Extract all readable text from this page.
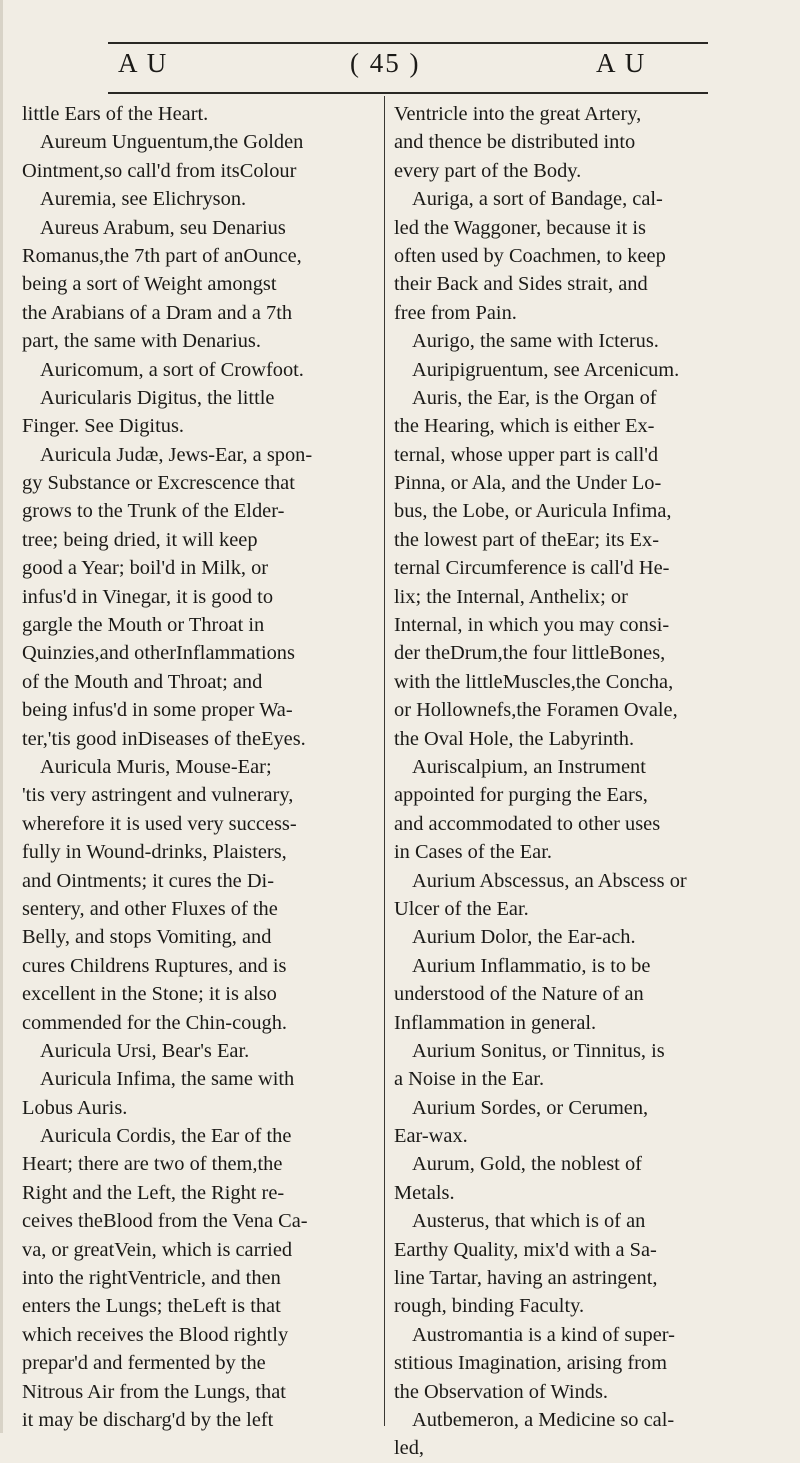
A U	( 45 )	A U
little Ears of the Heart.
Aureum Unguentum,the Golden
Ointment,so call'd from itsColour
Auremia, see Elichryson.
Aureus Arabum, seu Denarius
Romanus,the 7th part of anOunce,
being a sort of Weight amongst
the Arabians of a Dram and a 7th
part, the same with Denarius.
Auricomum, a sort of Crowfoot.
Auricularis Digitus, the little
Finger. See Digitus.
Auricula Judæ, Jews-Ear, a spon-
gy Substance or Excrescence that
grows to the Trunk of the Elder-
tree; being dried, it will keep
good a Year; boil'd in Milk, or
infus'd in Vinegar, it is good to
gargle the Mouth or Throat in
Quinzies,and otherInflammations
of the Mouth and Throat; and
being infus'd in some proper Wa-
ter,'tis good inDiseases of theEyes.
Auricula Muris, Mouse-Ear;
'tis very astringent and vulnerary,
wherefore it is used very success-
fully in Wound-drinks, Plaisters,
and Ointments; it cures the Di-
sentery, and other Fluxes of the
Belly, and stops Vomiting, and
cures Childrens Ruptures, and is
excellent in the Stone; it is also
commended for the Chin-cough.
Auricula Ursi, Bear's Ear.
Auricula Infima, the same with
Lobus Auris.
Auricula Cordis, the Ear of the
Heart; there are two of them,the
Right and the Left, the Right re-
ceives theBlood from the Vena Ca-
va, or greatVein, which is carried
into the rightVentricle, and then
enters the Lungs; theLeft is that
which receives the Blood rightly
prepar'd and fermented by the
Nitrous Air from the Lungs, that
it may be discharg'd by the left
Ventricle into the great Artery,
and thence be distributed into
every part of the Body.
Auriga, a sort of Bandage, cal-
led the Waggoner, because it is
often used by Coachmen, to keep
their Back and Sides strait, and
free from Pain.
Aurigo, the same with Icterus.
Auripigruentum, see Arcenicum.
Auris, the Ear, is the Organ of
the Hearing, which is either Ex-
ternal, whose upper part is call'd
Pinna, or Ala, and the Under Lo-
bus, the Lobe, or Auricula Infima,
the lowest part of theEar; its Ex-
ternal Circumference is call'd He-
lix; the Internal, Anthelix; or
Internal, in which you may consi-
der theDrum,the four littleBones,
with the littleMuscles,the Concha,
or Hollownefs,the Foramen Ovale,
the Oval Hole, the Labyrinth.
Auriscalpium, an Instrument
appointed for purging the Ears,
and accommodated to other uses
in Cases of the Ear.
Aurium Abscessus, an Abscess or
Ulcer of the Ear.
Aurium Dolor, the Ear-ach.
Aurium Inflammatio, is to be
understood of the Nature of an
Inflammation in general.
Aurium Sonitus, or Tinnitus, is
a Noise in the Ear.
Aurium Sordes, or Cerumen,
Ear-wax.
Aurum, Gold, the noblest of
Metals.
Austerus, that which is of an
Earthy Quality, mix'd with a Sa-
line Tartar, having an astringent,
rough, binding Faculty.
Austromantia is a kind of super-
stitious Imagination, arising from
the Observation of Winds.
Autbemeron, a Medicine so cal-
led,
